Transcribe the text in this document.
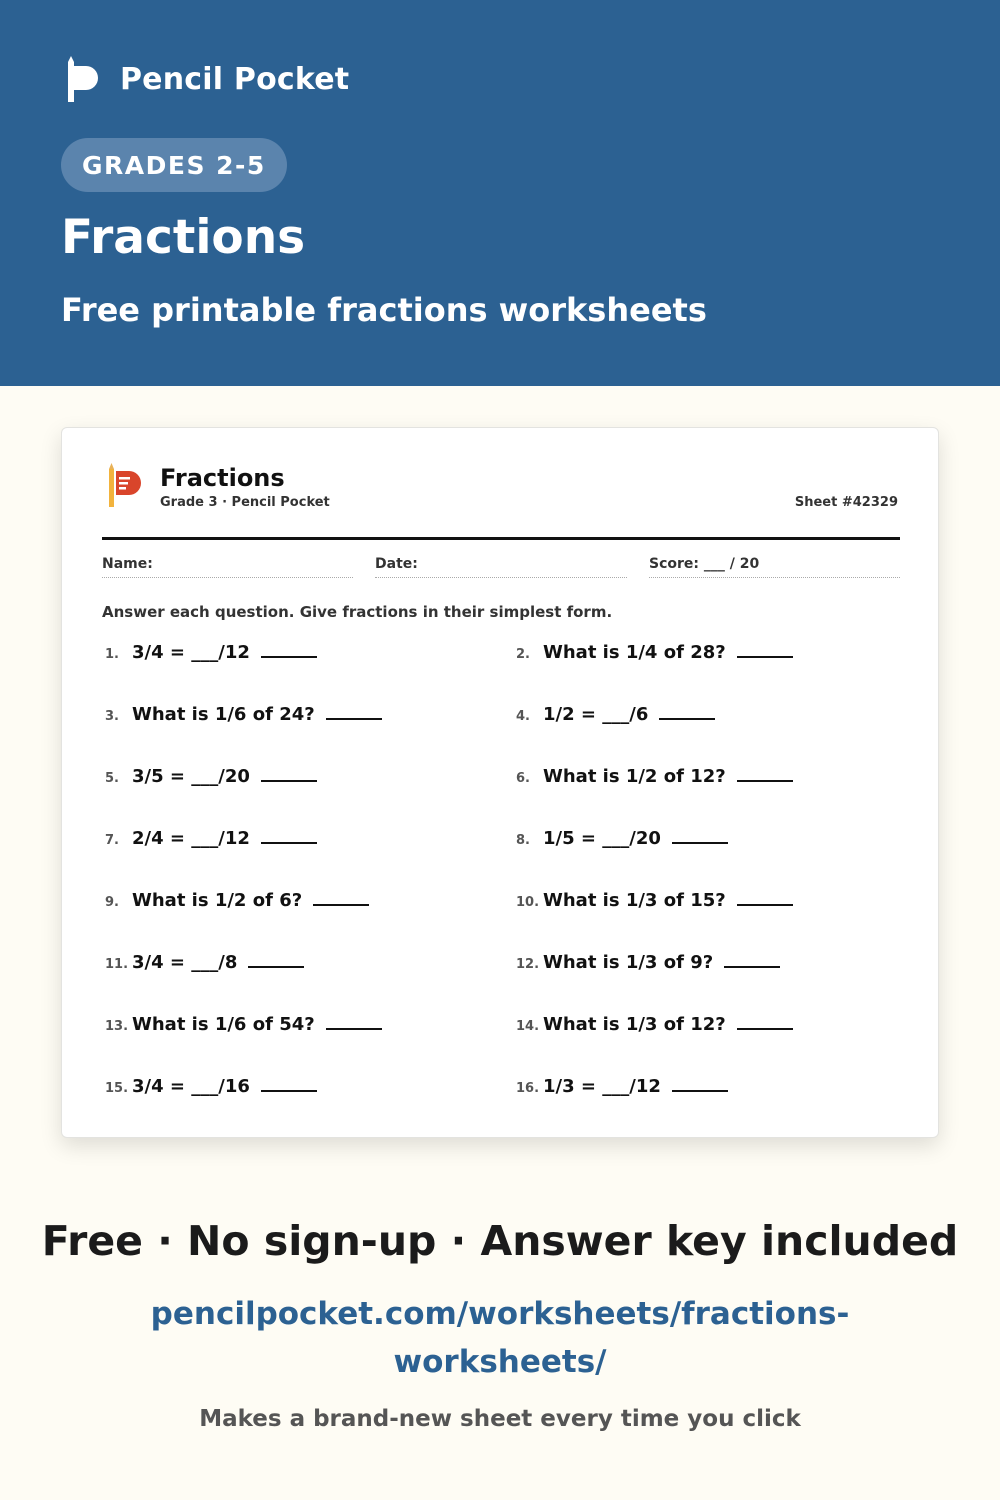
Pencil Pocket
GRADES 2-5
Fractions

Free printable fractions worksheets

Fractions
Grade 3 · Pencil Pocket	Sheet #42329
Name:	Date:	Score: ___ / 20
Answer each question. Give fractions in their simplest form.
1. 3/4 = ___/12	2. What is 1/4 of 28?
3. What is 1/6 of 24?	4. 1/2 = ___/6
5. 3/5 = ___/20	6. What is 1/2 of 12?
7. 2/4 = ___/12	8. 1/5 = ___/20
9. What is 1/2 of 6?	10. What is 1/3 of 15?
11. 3/4 = ___/8	12. What is 1/3 of 9?
13. What is 1/6 of 54?	14. What is 1/3 of 12?
15. 3/4 = ___/16	16. 1/3 = ___/12
Free · No sign-up · Answer key included
pencilpocket.com/worksheets/fractions-worksheets/
Makes a brand-new sheet every time you click
